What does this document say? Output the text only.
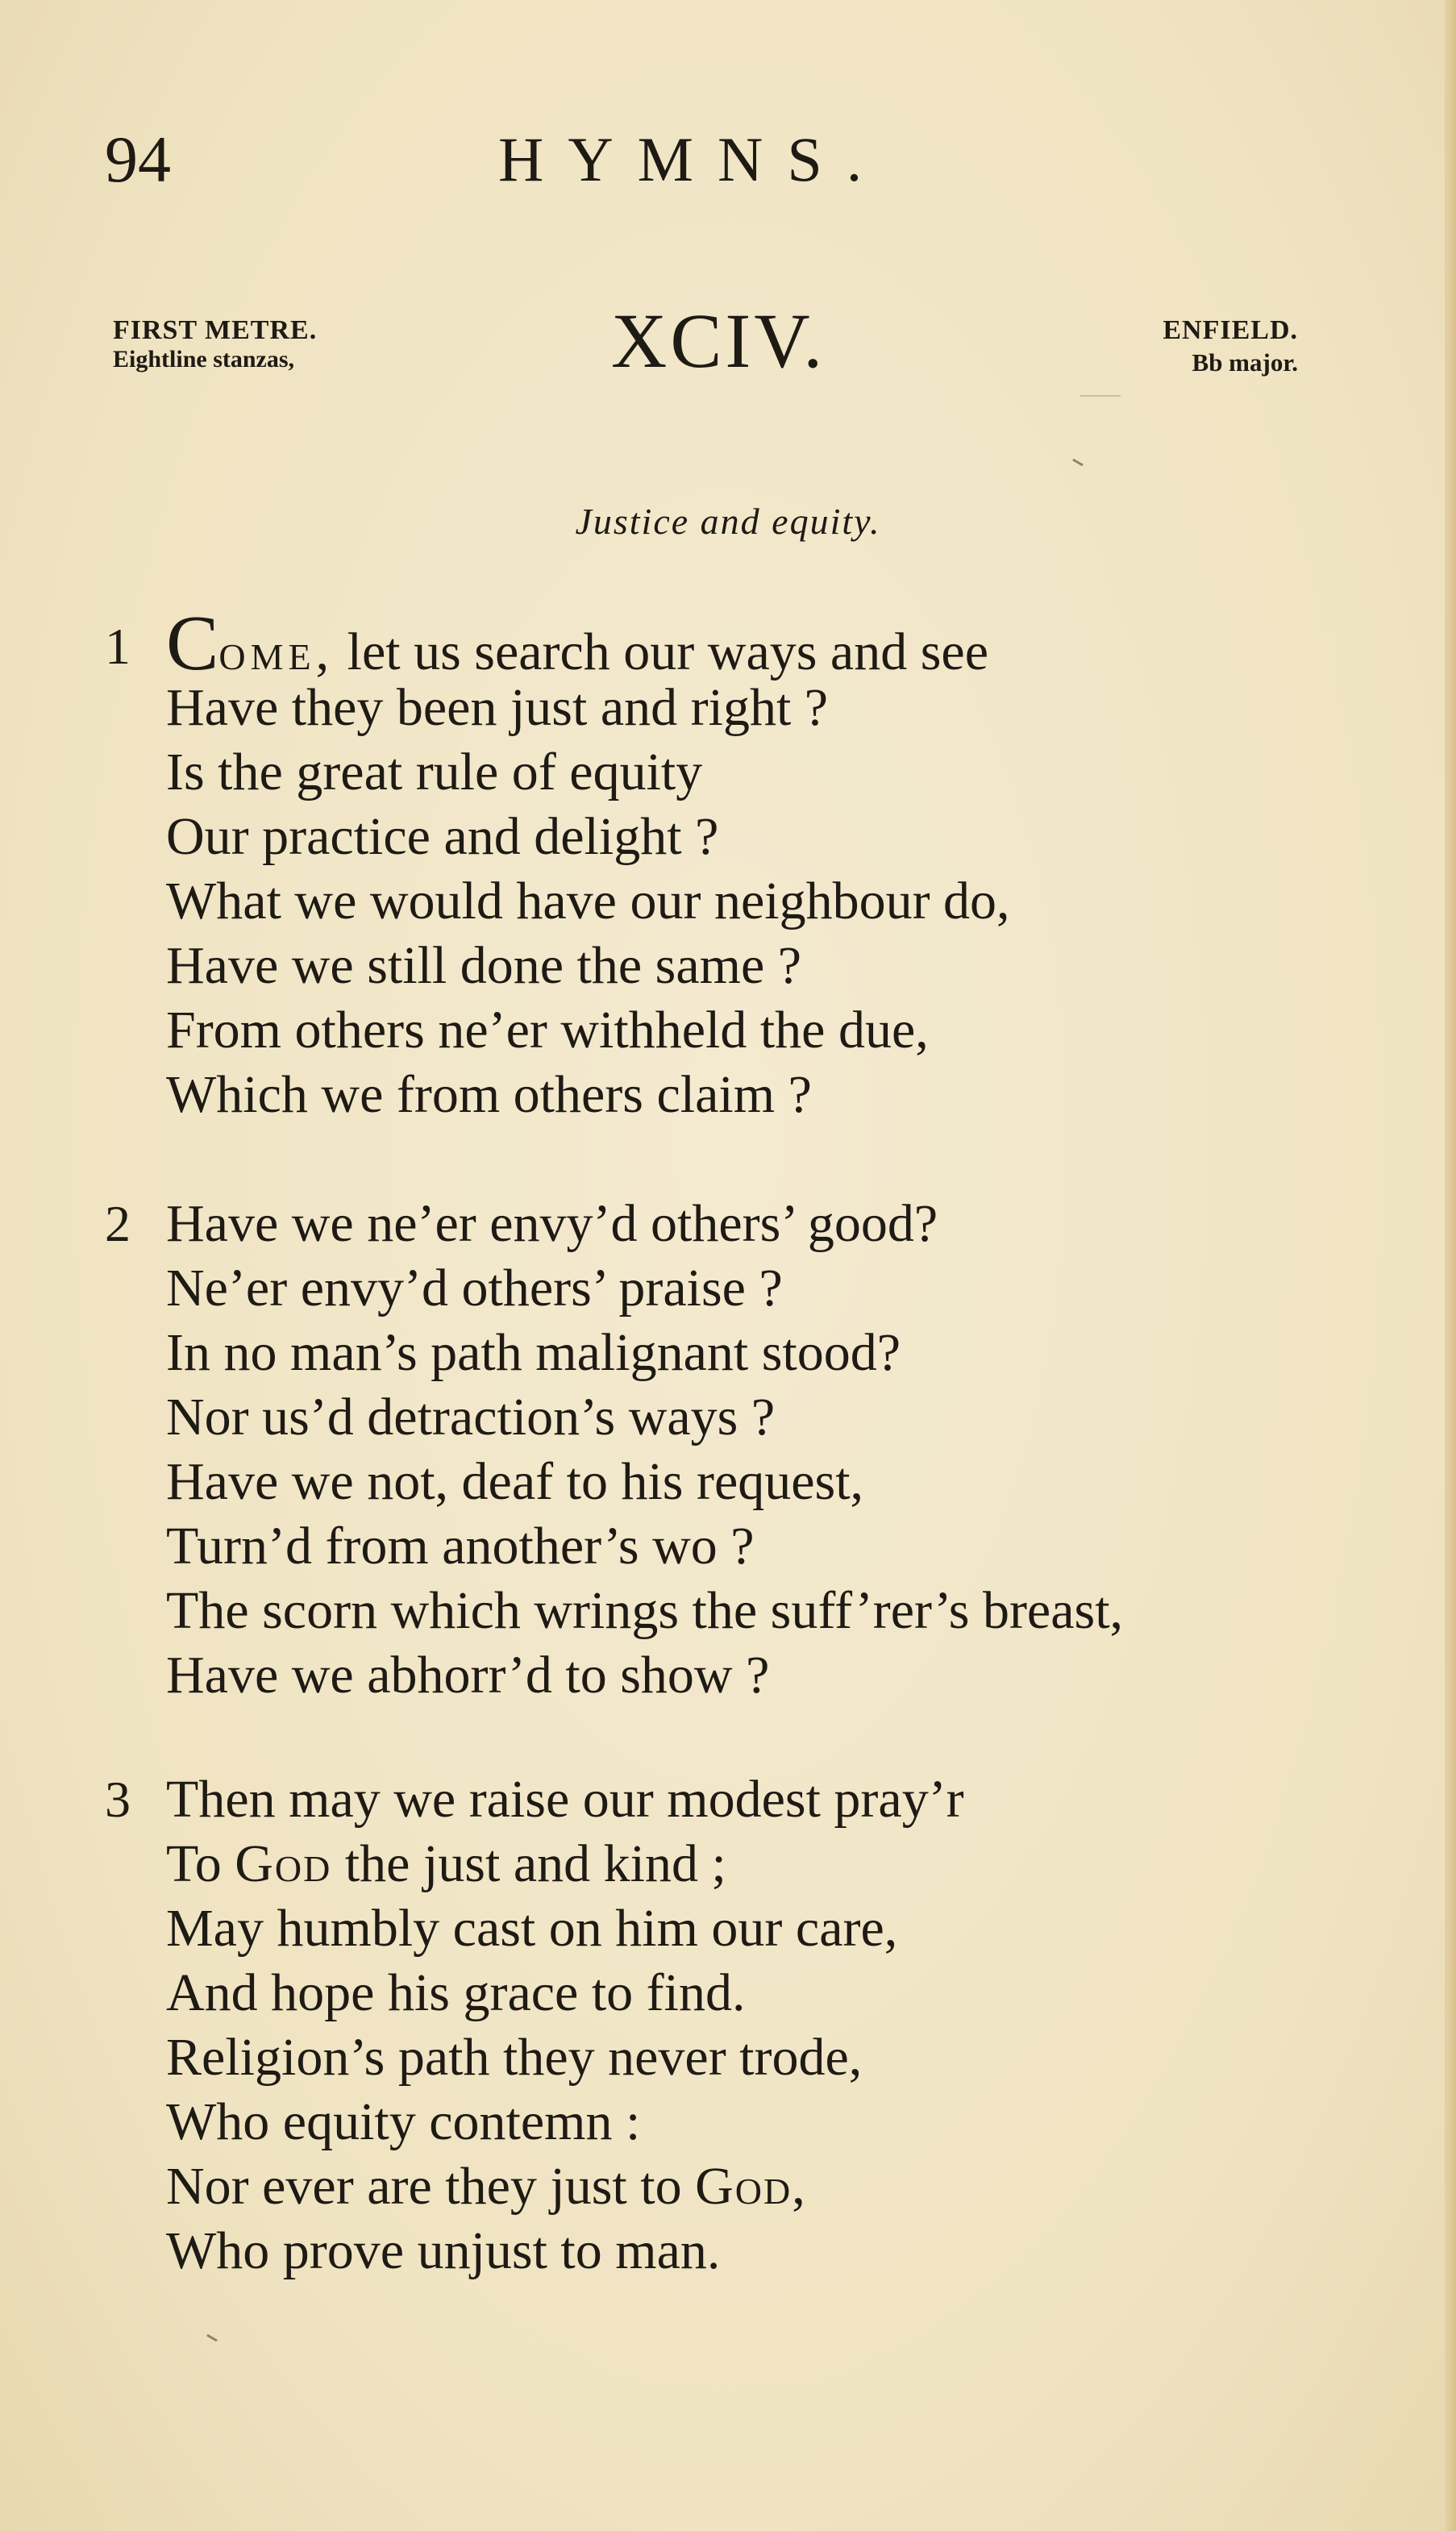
94	HYMNS.
FIRST METRE.
Eightline stanzas,	XCIV.	ENFIELD.
Bb major.
Justice and equity.
1 Come, let us search our ways and see
Have they been just and right ?
Is the great rule of equity
Our practice and delight ?
What we would have our neighbour do,
Have we still done the same ?
From others ne’er withheld the due,
Which we from others claim ?
2 Have we ne’er envy’d others’ good?
Ne’er envy’d others’ praise ?
In no man’s path malignant stood?
Nor us’d detraction’s ways ?
Have we not, deaf to his request,
Turn’d from another’s wo ?
The scorn which wrings the suff’rer’s breast,
Have we abhorr’d to show ?
3 Then may we raise our modest pray’r
To God the just and kind ;
May humbly cast on him our care,
And hope his grace to find.
Religion’s path they never trode,
Who equity contemn :
Nor ever are they just to God,
Who prove unjust to man.
